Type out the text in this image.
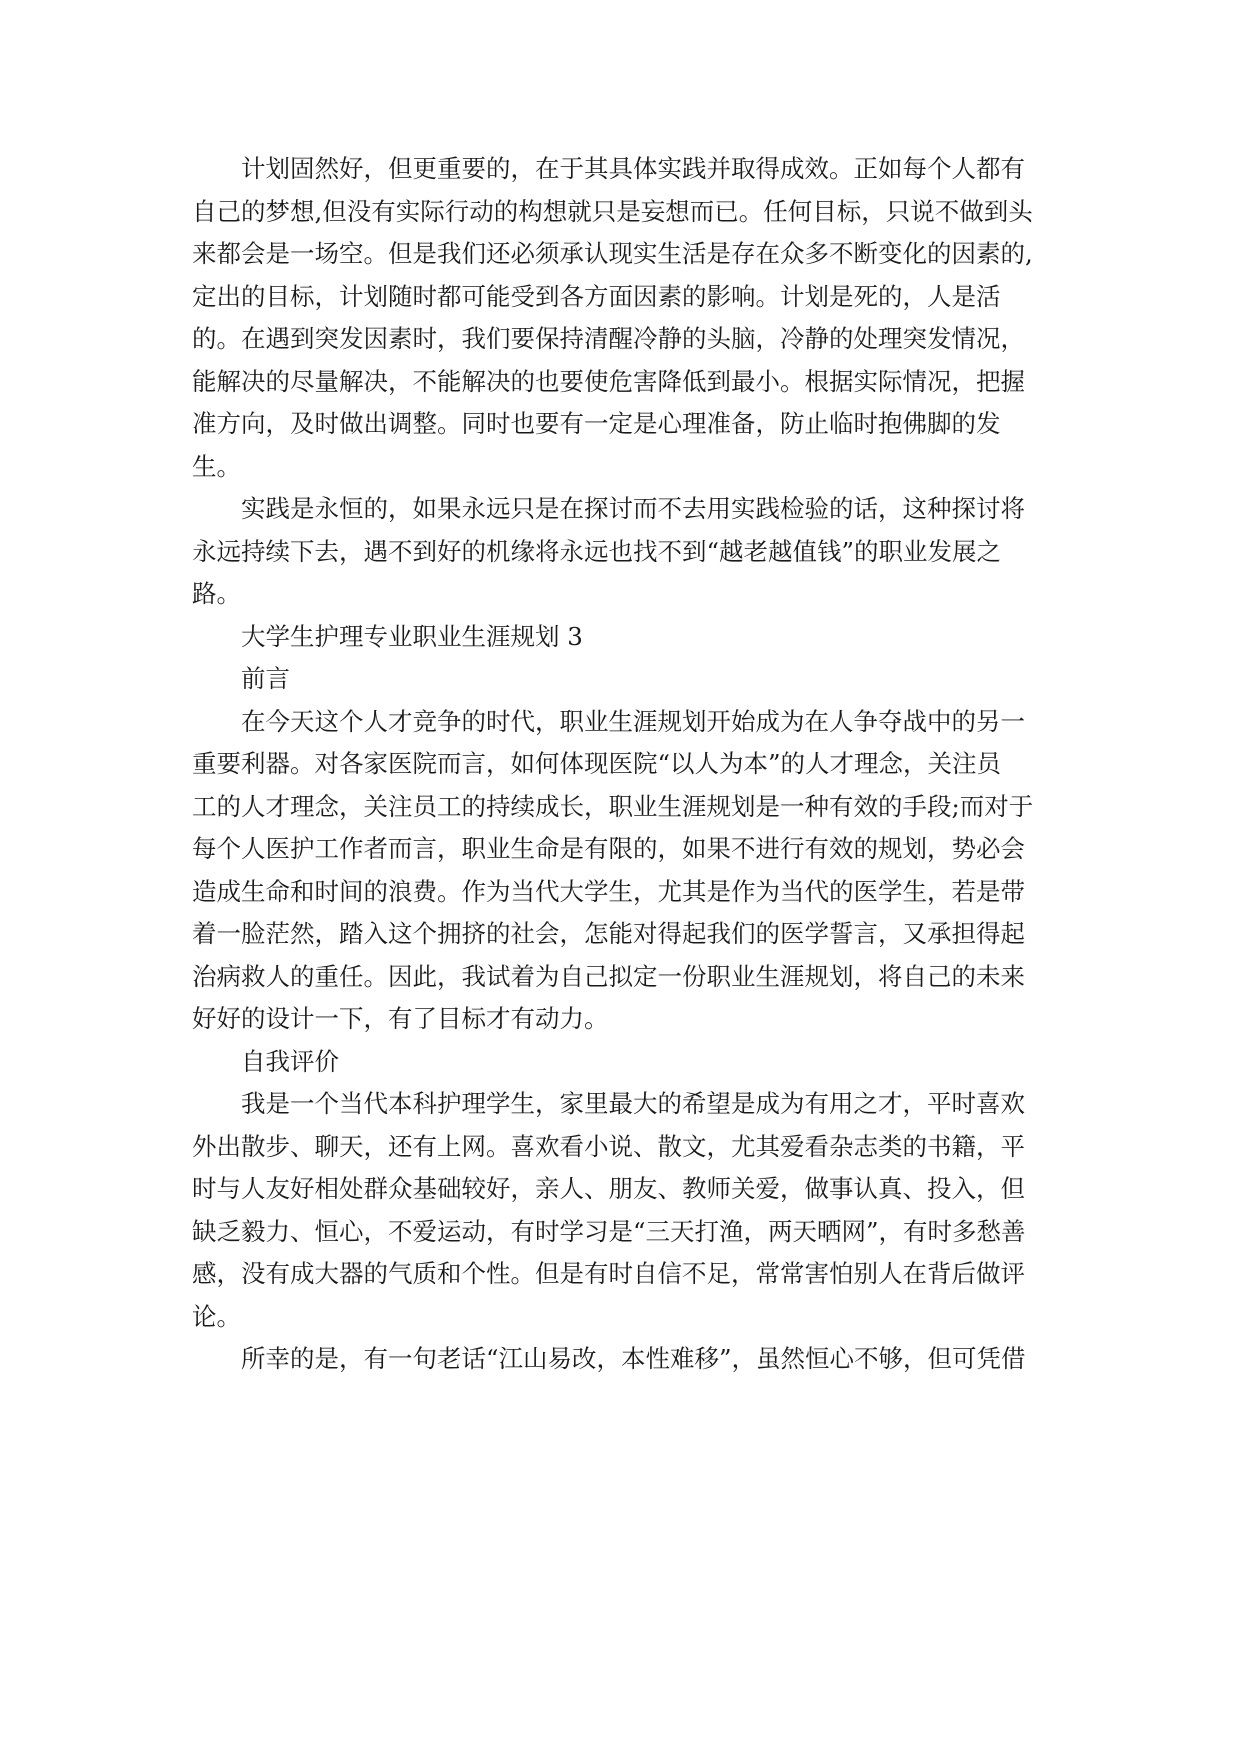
计划固然好，但更重要的，在于其具体实践并取得成效。正如每个人都有
自己的梦想,但没有实际行动的构想就只是妄想而已。任何目标，只说不做到头
来都会是一场空。但是我们还必须承认现实生活是存在众多不断变化的因素的,
定出的目标，计划随时都可能受到各方面因素的影响。计划是死的，人是活
的。在遇到突发因素时，我们要保持清醒冷静的头脑，冷静的处理突发情况，
能解决的尽量解决，不能解决的也要使危害降低到最小。根据实际情况，把握
准方向，及时做出调整。同时也要有一定是心理准备，防止临时抱佛脚的发
生。

实践是永恒的，如果永远只是在探讨而不去用实践检验的话，这种探讨将
永远持续下去，遇不到好的机缘将永远也找不到“越老越值钱”的职业发展之
路。

大学生护理专业职业生涯规划 3

前言

在今天这个人才竞争的时代，职业生涯规划开始成为在人争夺战中的另一
重要利器。对各家医院而言，如何体现医院“以人为本”的人才理念，关注员
工的人才理念，关注员工的持续成长，职业生涯规划是一种有效的手段;而对于
每个人医护工作者而言，职业生命是有限的，如果不进行有效的规划，势必会
造成生命和时间的浪费。作为当代大学生，尤其是作为当代的医学生，若是带
着一脸茫然，踏入这个拥挤的社会，怎能对得起我们的医学誓言，又承担得起
治病救人的重任。因此，我试着为自己拟定一份职业生涯规划，将自己的未来
好好的设计一下，有了目标才有动力。

自我评价

我是一个当代本科护理学生，家里最大的希望是成为有用之才，平时喜欢
外出散步、聊天，还有上网。喜欢看小说、散文，尤其爱看杂志类的书籍，平
时与人友好相处群众基础较好，亲人、朋友、教师关爱，做事认真、投入，但
缺乏毅力、恒心，不爱运动，有时学习是“三天打渔，两天晒网”，有时多愁善
感，没有成大器的气质和个性。但是有时自信不足，常常害怕别人在背后做评
论。

所幸的是，有一句老话“江山易改，本性难移”，虽然恒心不够，但可凭借
